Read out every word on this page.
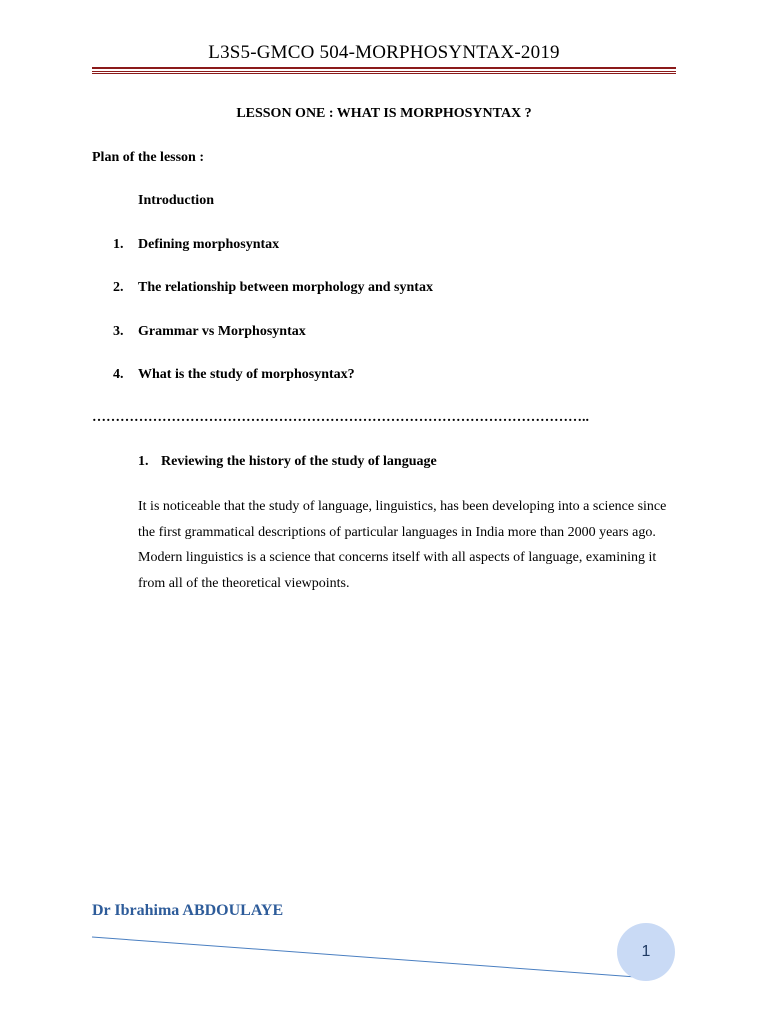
L3S5-GMCO 504-MORPHOSYNTAX-2019
LESSON ONE : WHAT IS MORPHOSYNTAX ?
Plan of the lesson :
Introduction
1. Defining morphosyntax
2. The relationship between morphology and syntax
3. Grammar vs Morphosyntax
4. What is the study of morphosyntax?
……………………………………………………………………………………………..
1. Reviewing the history of the study of language

It is noticeable that the study of language, linguistics, has been developing into a science since the first grammatical descriptions of particular languages in India more than 2000 years ago. Modern linguistics is a science that concerns itself with all aspects of language, examining it from all of the theoretical viewpoints.

Dr Ibrahima ABDOULAYE
1
